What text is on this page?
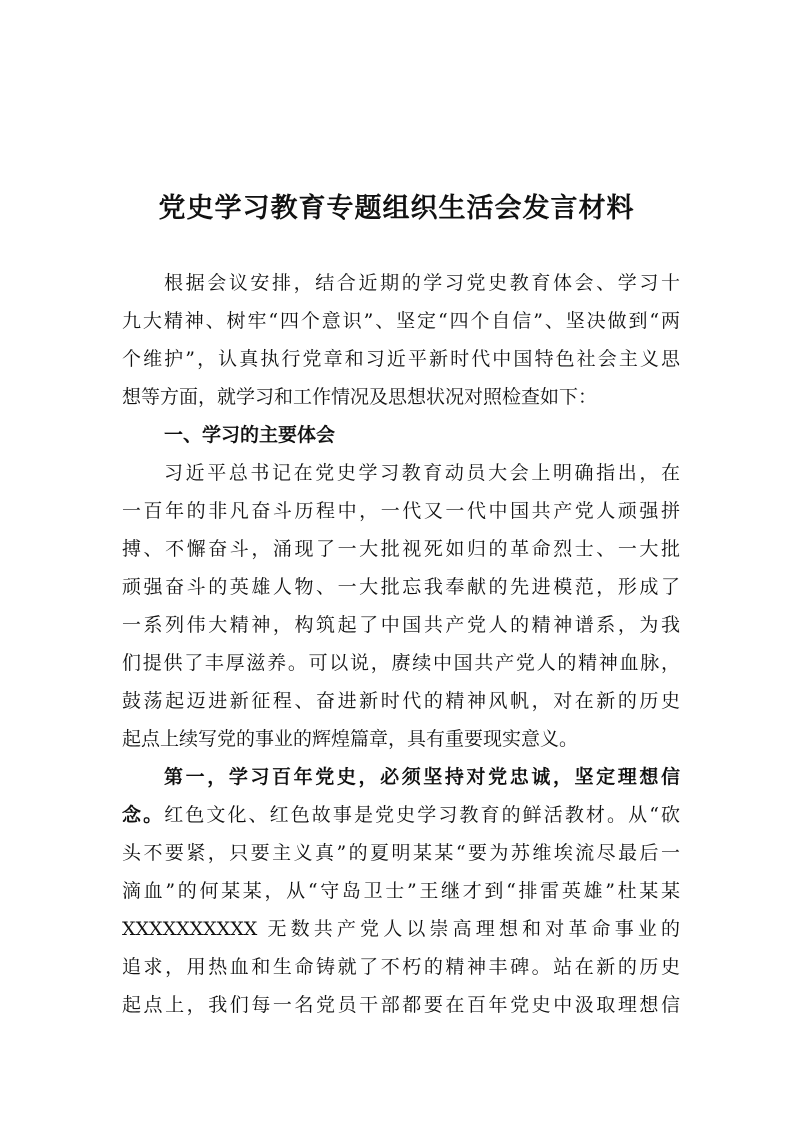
党史学习教育专题组织生活会发言材料
根据会议安排，结合近期的学习党史教育体会、学习十
九大精神、树牢“四个意识”、坚定“四个自信”、坚决做到“两
个维护”，认真执行党章和习近平新时代中国特色社会主义思
想等方面，就学习和工作情况及思想状况对照检查如下：
一、学习的主要体会
习近平总书记在党史学习教育动员大会上明确指出，在
一百年的非凡奋斗历程中，一代又一代中国共产党人顽强拼
搏、不懈奋斗，涌现了一大批视死如归的革命烈士、一大批
顽强奋斗的英雄人物、一大批忘我奉献的先进模范，形成了
一系列伟大精神，构筑起了中国共产党人的精神谱系，为我
们提供了丰厚滋养。可以说，赓续中国共产党人的精神血脉，
鼓荡起迈进新征程、奋进新时代的精神风帆，对在新的历史
起点上续写党的事业的辉煌篇章，具有重要现实意义。
第一，学习百年党史，必须坚持对党忠诚，坚定理想信
念。红色文化、红色故事是党史学习教育的鲜活教材。从“砍
头不要紧，只要主义真”的夏明某某“要为苏维埃流尽最后一
滴血”的何某某，从“守岛卫士”王继才到“排雷英雄”杜某某
XXXXXXXXXX 无数共产党人以崇高理想和对革命事业的
追求，用热血和生命铸就了不朽的精神丰碑。站在新的历史
起点上，我们每一名党员干部都要在百年党史中汲取理想信
